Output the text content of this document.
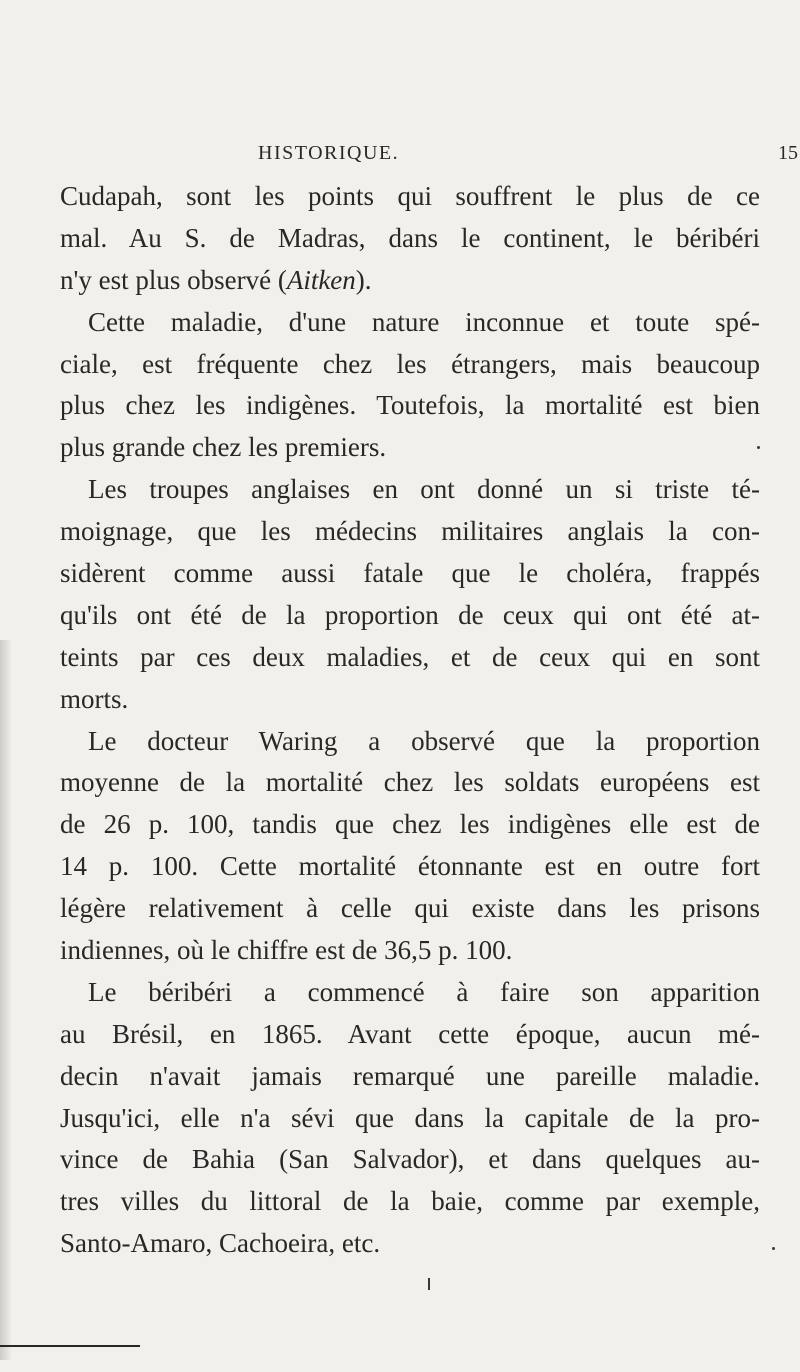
HISTORIQUE.	15
Cudapah, sont les points qui souffrent le plus de ce
mal. Au S. de Madras, dans le continent, le béribéri
n'y est plus observé (Aitken).
Cette maladie, d'une nature inconnue et toute spé-
ciale, est fréquente chez les étrangers, mais beaucoup
plus chez les indigènes. Toutefois, la mortalité est bien
plus grande chez les premiers.
Les troupes anglaises en ont donné un si triste té-
moignage, que les médecins militaires anglais la con-
sidèrent comme aussi fatale que le choléra, frappés
qu'ils ont été de la proportion de ceux qui ont été at-
teints par ces deux maladies, et de ceux qui en sont
morts.
Le docteur Waring a observé que la proportion
moyenne de la mortalité chez les soldats européens est
de 26 p. 100, tandis que chez les indigènes elle est de
14 p. 100. Cette mortalité étonnante est en outre fort
légère relativement à celle qui existe dans les prisons
indiennes, où le chiffre est de 36,5 p. 100.
Le béribéri a commencé à faire son apparition
au Brésil, en 1865. Avant cette époque, aucun mé-
decin n'avait jamais remarqué une pareille maladie.
Jusqu'ici, elle n'a sévi que dans la capitale de la pro-
vince de Bahia (San Salvador), et dans quelques au-
tres villes du littoral de la baie, comme par exemple,
Santo-Amaro, Cachoeira, etc.
